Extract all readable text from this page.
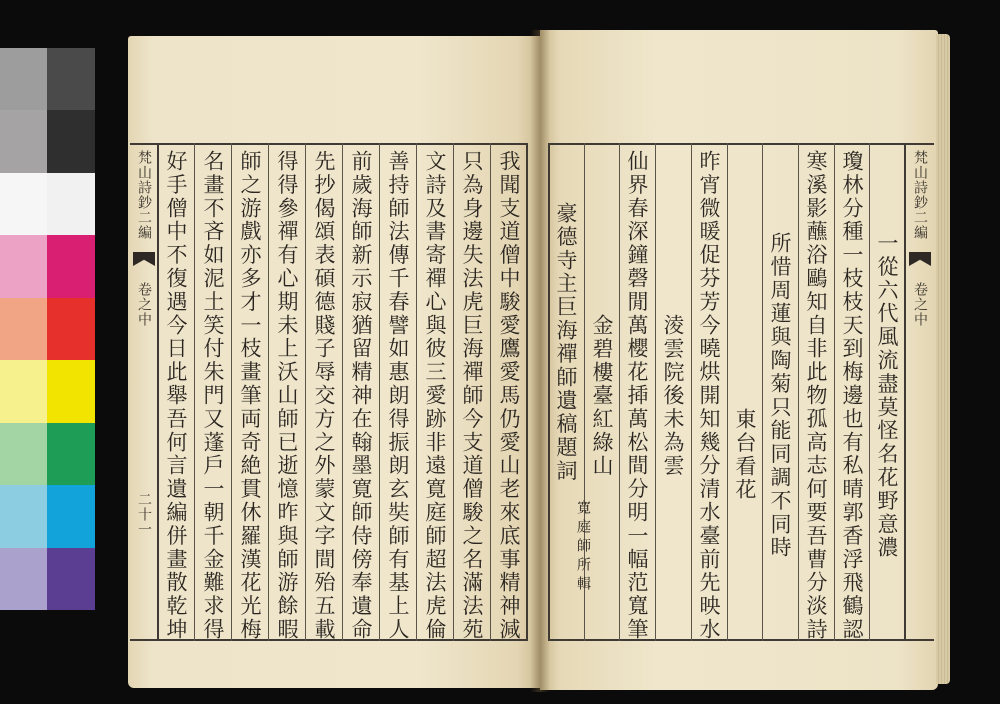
梵山詩鈔二編
卷之中
二十一	我聞支道僧中駿愛鷹愛馬仍愛山老來底事精神減
只為身邊失法虎巨海禪師今支道僧駿之名滿法苑
文詩及書寄禪心與彼三愛跡非遠寛庭師超法虎倫
善持師法傳千春譬如惠朗得振朗玄奘師有基上人
前歲海師新示寂猶留精神在翰墨寛師侍傍奉遺命
先抄偈頌表碩德賤子辱交方之外蒙文字間殆五載
得得參禪有心期未上沃山師已逝憶昨與師游餘暇
師之游戲亦多才一枝畫筆両奇絶貫休羅漢花光梅
名畫不吝如泥土笑付朱門又蓬戶一朝千金難求得
好手僧中不復遇今日此舉吾何言遺編併畫散乾坤	梵山詩鈔二編
卷之中
一從六代風流盡莫怪名花野意濃
瓊林分種一枝枝天到梅邊也有私晴郭香浮飛鶴認
寒溪影蘸浴鷗知自非此物孤高志何要吾曹分淡詩
所惜周蓮與陶菊只能同調不同時
東台看花
昨宵微暖促芬芳今曉烘開知幾分清水臺前先映水
淩雲院後未為雲
仙界春深鐘磬閒萬櫻花揷萬松間分明一幅范寬筆
金碧樓臺紅綠山
豪德寺主巨海禪師遺稿題詞
寛庭師所輯
